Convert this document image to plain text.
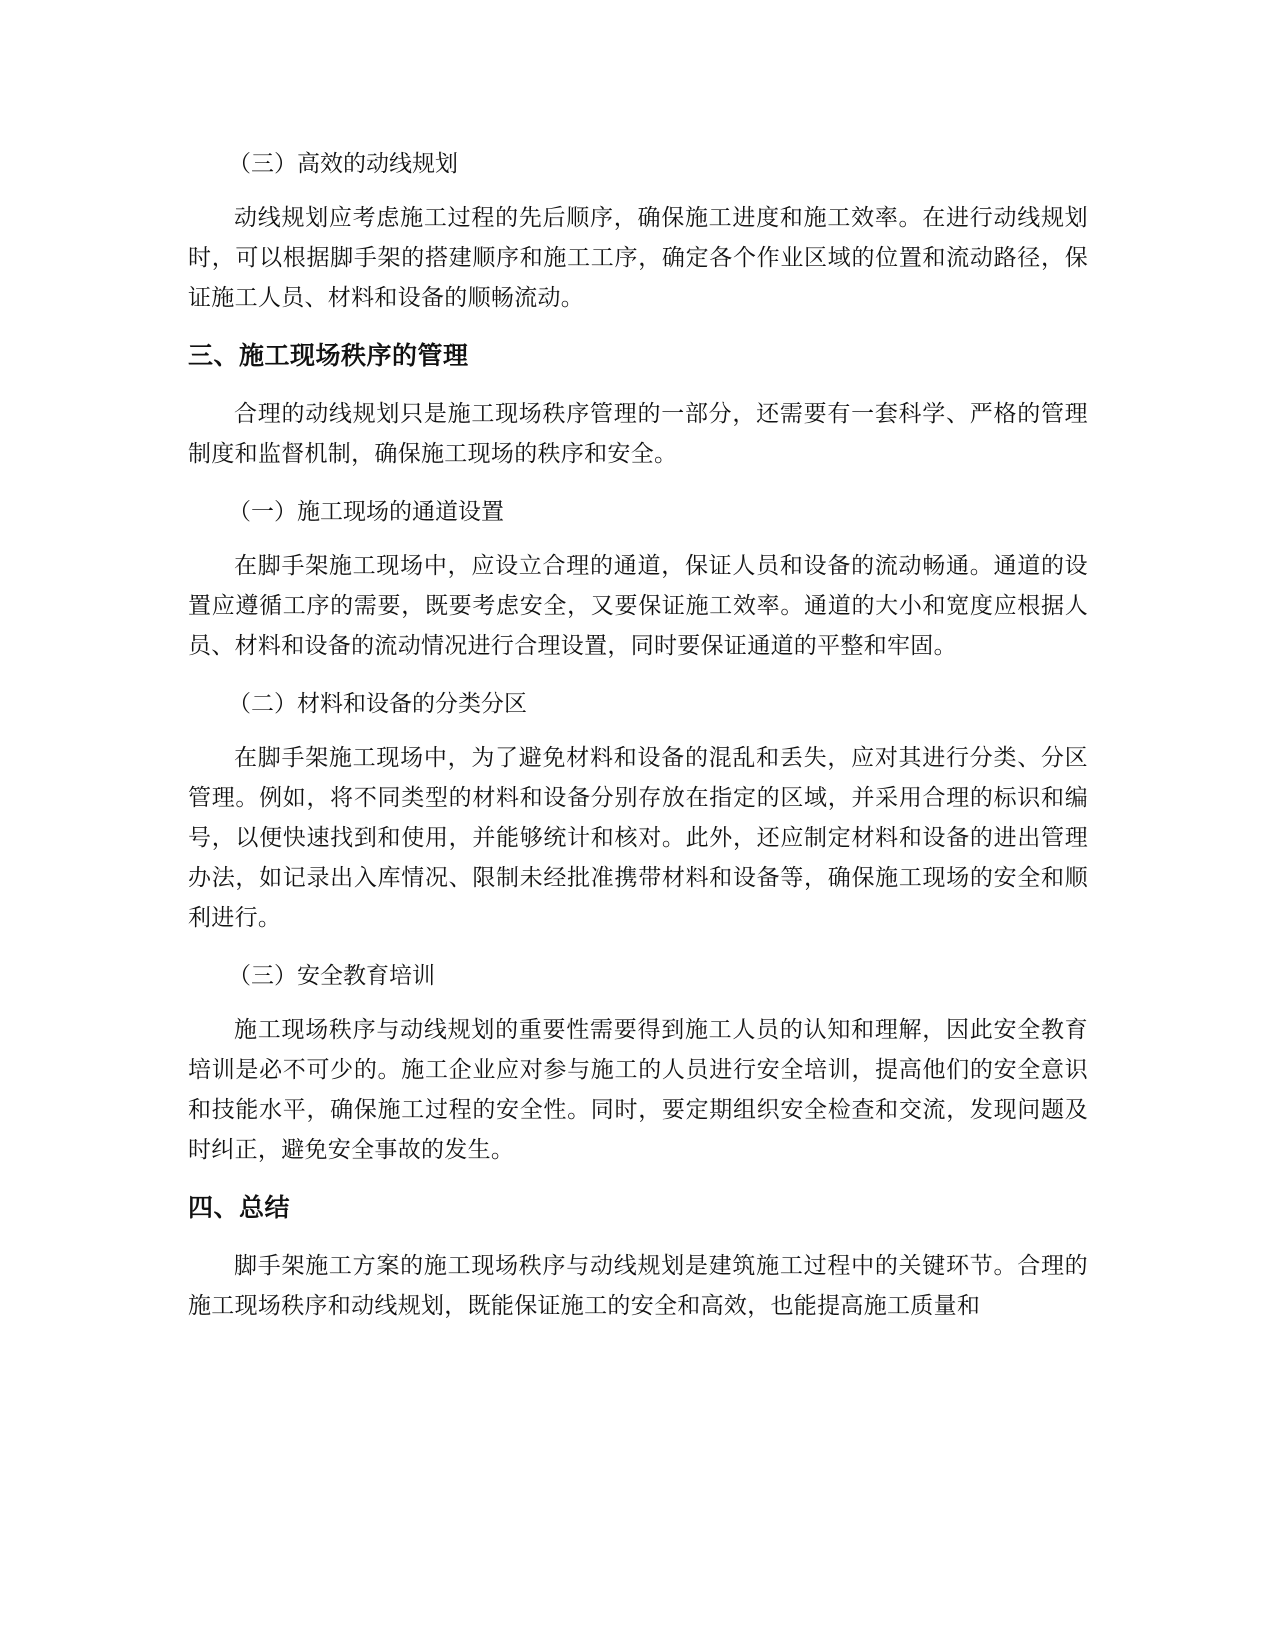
（三）高效的动线规划

动线规划应考虑施工过程的先后顺序，确保施工进度和施工效率。在进行动线规划时，可以根据脚手架的搭建顺序和施工工序，确定各个作业区域的位置和流动路径，保证施工人员、材料和设备的顺畅流动。

三、施工现场秩序的管理

合理的动线规划只是施工现场秩序管理的一部分，还需要有一套科学、严格的管理制度和监督机制，确保施工现场的秩序和安全。

（一）施工现场的通道设置

在脚手架施工现场中，应设立合理的通道，保证人员和设备的流动畅通。通道的设置应遵循工序的需要，既要考虑安全，又要保证施工效率。通道的大小和宽度应根据人员、材料和设备的流动情况进行合理设置，同时要保证通道的平整和牢固。

（二）材料和设备的分类分区

在脚手架施工现场中，为了避免材料和设备的混乱和丢失，应对其进行分类、分区管理。例如，将不同类型的材料和设备分别存放在指定的区域，并采用合理的标识和编号，以便快速找到和使用，并能够统计和核对。此外，还应制定材料和设备的进出管理办法，如记录出入库情况、限制未经批准携带材料和设备等，确保施工现场的安全和顺利进行。

（三）安全教育培训

施工现场秩序与动线规划的重要性需要得到施工人员的认知和理解，因此安全教育培训是必不可少的。施工企业应对参与施工的人员进行安全培训，提高他们的安全意识和技能水平，确保施工过程的安全性。同时，要定期组织安全检查和交流，发现问题及时纠正，避免安全事故的发生。

四、总结

脚手架施工方案的施工现场秩序与动线规划是建筑施工过程中的关键环节。合理的施工现场秩序和动线规划，既能保证施工的安全和高效，也能提高施工质量和
